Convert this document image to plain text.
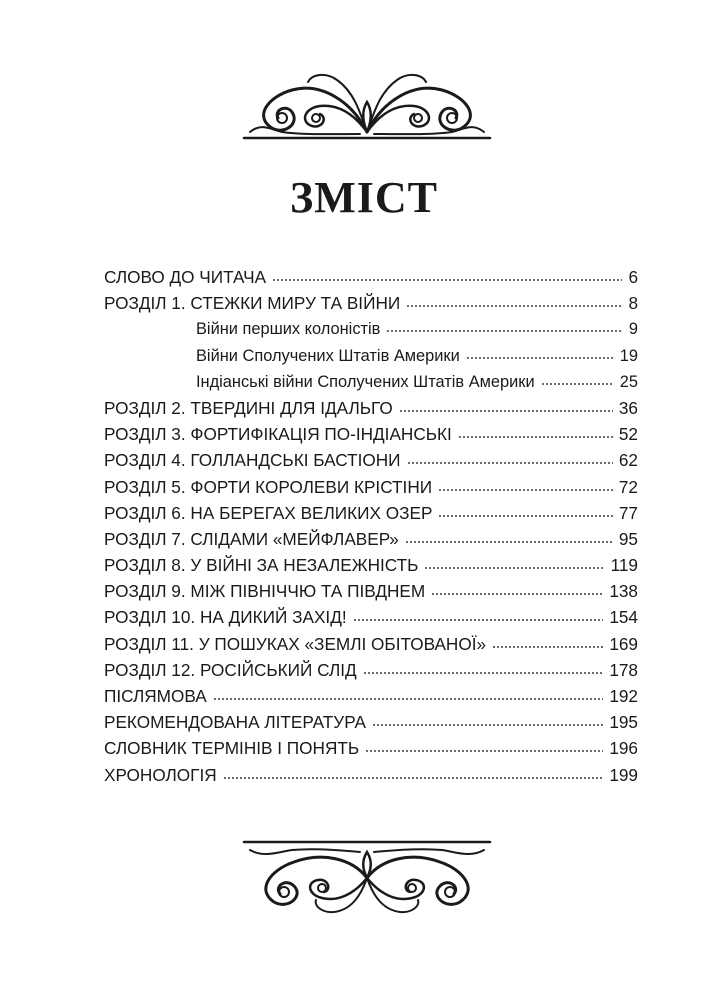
ЗМІСТ
СЛОВО ДО ЧИТАЧА	6
РОЗДІЛ 1. СТЕЖКИ МИРУ ТА ВІЙНИ	8
Війни перших колоністів	9
Війни Сполучених Штатів Америки	19
Індіанські війни Сполучених Штатів Америки	25
РОЗДІЛ 2. ТВЕРДИНІ ДЛЯ ІДАЛЬГО	36
РОЗДІЛ 3. ФОРТИФІКАЦІЯ ПО-ІНДІАНСЬКІ	52
РОЗДІЛ 4. ГОЛЛАНДСЬКІ БАСТІОНИ	62
РОЗДІЛ 5. ФОРТИ КОРОЛЕВИ КРІСТІНИ	72
РОЗДІЛ 6. НА БЕРЕГАХ ВЕЛИКИХ ОЗЕР	77
РОЗДІЛ 7. СЛІДАМИ «МЕЙФЛАВЕР»	95
РОЗДІЛ 8. У ВІЙНІ ЗА НЕЗАЛЕЖНІСТЬ	119
РОЗДІЛ 9. МІЖ ПІВНІЧЧЮ ТА ПІВДНЕМ	138
РОЗДІЛ 10. НА ДИКИЙ ЗАХІД!	154
РОЗДІЛ 11. У ПОШУКАХ «ЗЕМЛІ ОБІТОВАНОЇ»	169
РОЗДІЛ 12. РОСІЙСЬКИЙ СЛІД	178
ПІСЛЯМОВА	192
РЕКОМЕНДОВАНА ЛІТЕРАТУРА	195
СЛОВНИК ТЕРМІНІВ І ПОНЯТЬ	196
ХРОНОЛОГІЯ	199
